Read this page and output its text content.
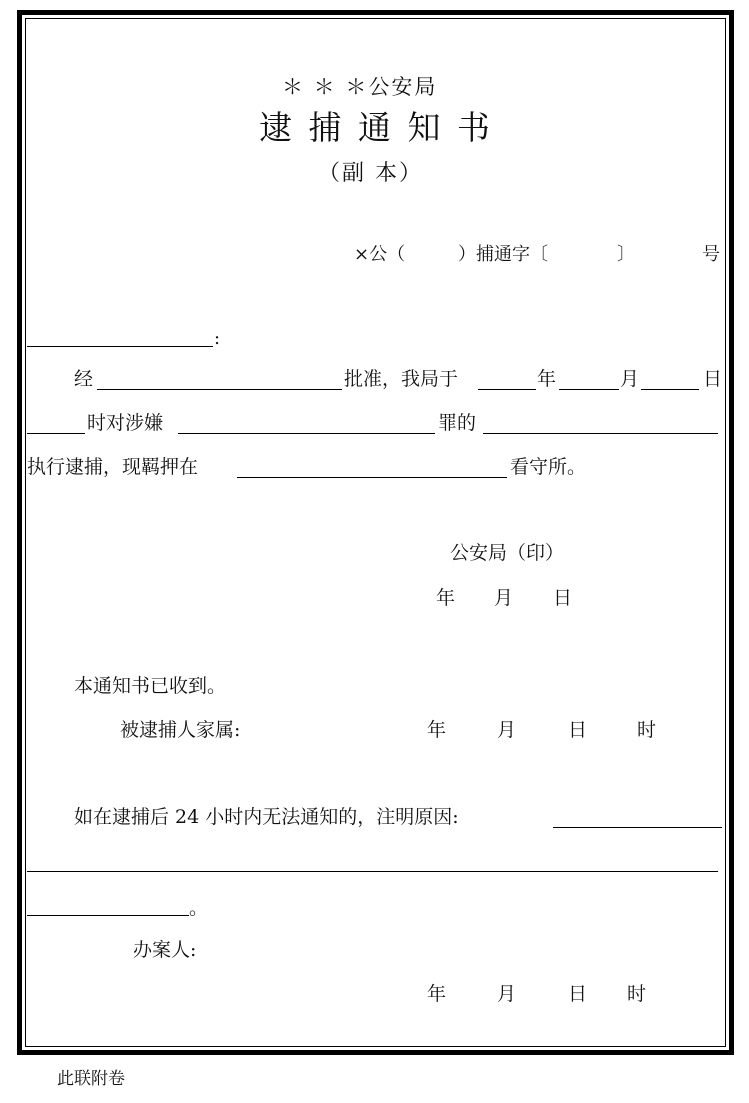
＊ ＊ ＊公安局
逮 捕 通 知 书
（副 本）
×公（	）捕通字〔	〕	号
:
经	批准，我局于	年	月	日
时对涉嫌	罪的
执行逮捕，现羁押在	看守所。
公安局（印）
年 月 日
本通知书已收到。
被逮捕人家属:	年	月	日	时
如在逮捕后 24 小时内无法通知的，注明原因:
。
办案人:
年	月	日 时
此联附卷
